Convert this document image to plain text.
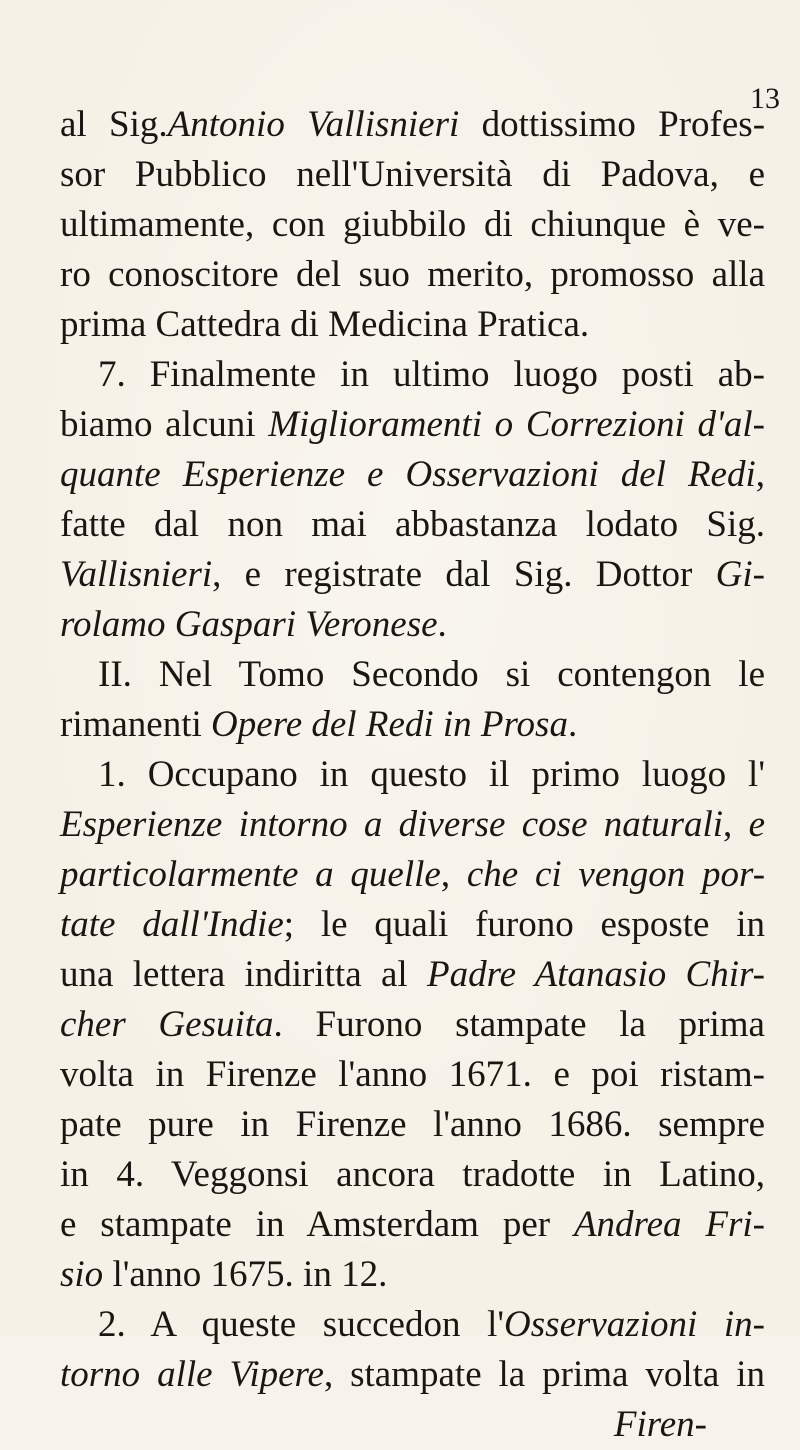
13
al Sig.Antonio Vallisnieri dottissimo Profes-
sor Pubblico nell'Università di Padova, e
ultimamente, con giubbilo di chiunque è ve-
ro conoscitore del suo merito, promosso alla
prima Cattedra di Medicina Pratica.
7. Finalmente in ultimo luogo posti ab-
biamo alcuni Miglioramenti o Correzioni d'al-
quante Esperienze e Osservazioni del Redi,
fatte dal non mai abbastanza lodato Sig.
Vallisnieri, e registrate dal Sig. Dottor Gi-
rolamo Gaspari Veronese.
II. Nel Tomo Secondo si contengon le
rimanenti Opere del Redi in Prosa.
1. Occupano in questo il primo luogo l'
Esperienze intorno a diverse cose naturali, e
particolarmente a quelle, che ci vengon por-
tate dall'Indie; le quali furono esposte in
una lettera indiritta al Padre Atanasio Chir-
cher Gesuita. Furono stampate la prima
volta in Firenze l'anno 1671. e poi ristam-
pate pure in Firenze l'anno 1686. sempre
in 4. Veggonsi ancora tradotte in Latino,
e stampate in Amsterdam per Andrea Fri-
sio l'anno 1675. in 12.
2. A queste succedon l'Osservazioni in-
torno alle Vipere, stampate la prima volta in
Firen-
